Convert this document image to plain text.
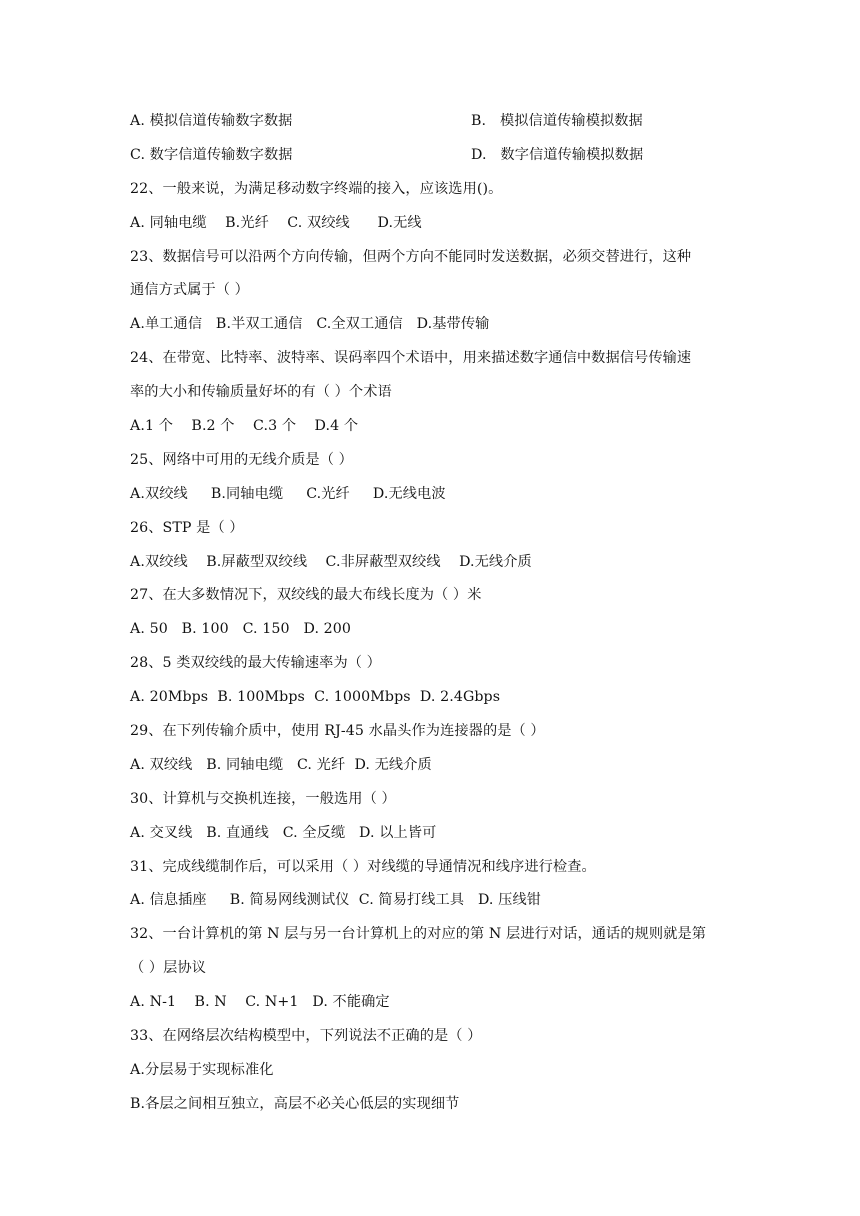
A. 模拟信道传输数字数据	B.   模拟信道传输模拟数据
C. 数字信道传输数字数据	D.   数字信道传输模拟数据
22、一般来说，为满足移动数字终端的接入，应该选用()。
A. 同轴电缆    B.光纤    C. 双绞线      D.无线
23、数据信号可以沿两个方向传输，但两个方向不能同时发送数据，必须交替进行，这种
通信方式属于（ ）
A.单工通信   B.半双工通信   C.全双工通信   D.基带传输
24、在带宽、比特率、波特率、误码率四个术语中，用来描述数字通信中数据信号传输速
率的大小和传输质量好坏的有（ ）个术语
A.1 个    B.2 个    C.3 个    D.4 个
25、网络中可用的无线介质是（ ）
A.双绞线     B.同轴电缆     C.光纤     D.无线电波
26、STP 是（ ）
A.双绞线    B.屏蔽型双绞线    C.非屏蔽型双绞线    D.无线介质
27、在大多数情况下，双绞线的最大布线长度为（ ）米
A. 50   B. 100   C. 150   D. 200
28、5 类双绞线的最大传输速率为（ ）
A. 20Mbps  B. 100Mbps  C. 1000Mbps  D. 2.4Gbps
29、在下列传输介质中，使用 RJ-45 水晶头作为连接器的是（ ）
A. 双绞线   B. 同轴电缆   C. 光纤  D. 无线介质
30、计算机与交换机连接，一般选用（ ）
A. 交叉线   B. 直通线   C. 全反缆   D. 以上皆可
31、完成线缆制作后，可以采用（ ）对线缆的导通情况和线序进行检查。
A. 信息插座     B. 简易网线测试仪  C. 简易打线工具   D. 压线钳
32、一台计算机的第 N 层与另一台计算机上的对应的第 N 层进行对话，通话的规则就是第
（ ）层协议
A. N-1    B. N    C. N+1   D. 不能确定
33、在网络层次结构模型中，下列说法不正确的是（ ）
A.分层易于实现标准化
B.各层之间相互独立，高层不必关心低层的实现细节
